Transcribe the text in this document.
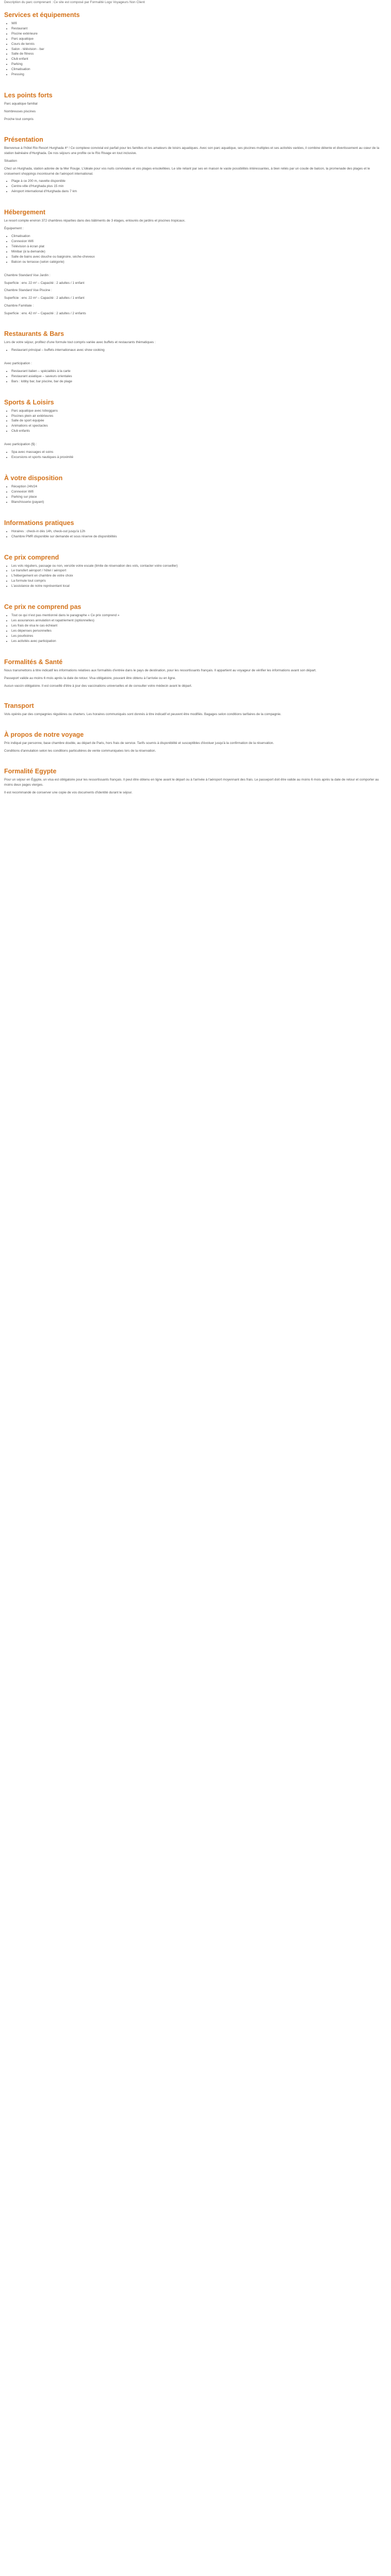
Description du parc comprenant : Ce site est composé par Formalité Logo Voyageurs Non Client

Services et équipements
• Wifi
• Restaurant
• Piscine extérieure
• Parc aquatique
• Cours de tennis
• Salon - télévision - bar
• Salle de fitness
• Club enfant
• Parking
• Climatisation
• Pressing
Les points forts

Parc aquatique familial

Nombreuses piscines

Proche tout compris

Présentation

Bienvenue à l'hôtel Rio Resort Hurghada 4* ! Ce complexe convivial est parfait pour les familles et les amateurs de loisirs aquatiques. Avec son parc aquatique, ses piscines multiples et ses activités variées, il combine détente et divertissement au cœur de la station balnéaire d'Hurghada. De nos séjours une profite ce le Rio Rivage en tout inclusive.

Situation

Chez un Hurghada, station adorée de la Mer Rouge. L'idéale pour vos nuits conviviales et vos plages ensoleillées. Le site reliant par ses en maison le vaste possibilités intéressantes, à bien reliés par un coude de balcon, la promenade des plages et le croisement shoppings incontourné de l'aéroport international.

• Plage à ce 200 m, navette disponible
• Centre-ville d'Hurghada plus 15 min
• Aéroport international d'Hurghada dans 7 km
Hébergement

Le resort compte environ 372 chambres réparties dans des bâtiments de 3 étages, entourés de jardins et piscines tropicaux.

Équipement :

• Climatisation
• Connexion Wifi
• Télévision à écran plat
• Minibar (à la demande)
• Salle de bains avec douche ou baignoire, sèche-cheveux
• Balcon ou terrasse (selon catégorie)

Chambre Standard Vue Jardin :

Superficie : env. 22 m² – Capacité : 2 adultes / 1 enfant

Chambre Standard Vue Piscine :

Superficie : env. 22 m² – Capacité : 2 adultes / 1 enfant

Chambre Familiale :

Superficie : env. 42 m² – Capacité : 2 adultes / 2 enfants

Restaurants & Bars

Lors de votre séjour, profitez d'une formule tout compris variée avec buffets et restaurants thématiques :

• Restaurant principal – buffets internationaux avec show cooking

Avec participation :

• Restaurant italien – spécialités à la carte
• Restaurant asiatique – saveurs orientales
• Bars : lobby bar, bar piscine, bar de plage
Sports & Loisirs
• Parc aquatique avec toboggans
• Piscines plein air extérieures
• Salle de sport équipée
• Animations et spectacles
• Club enfants

Avec participation ($) :

• Spa avec massages et soins
• Excursions et sports nautiques à proximité
À votre disposition
• Réception 24h/24
• Connexion Wifi
• Parking sur place
• Blanchisserie (payant)
Informations pratiques
• Horaires : check-in dès 14h, check-out jusqu'à 12h
• Chambre PMR disponible sur demande et sous réserve de disponibilités
Ce prix comprend
• Les vols réguliers, passage ou non, vers/de votre escale (limite de réservation des vols, contacter votre conseiller)
• Le transfert aéroport / hôtel / aéroport
• L'hébergement en chambre de votre choix
• La formule tout compris
• L'assistance de notre représentant local
Ce prix ne comprend pas
• Tout ce qui n'est pas mentionné dans le paragraphe « Ce prix comprend »
• Les assurances annulation et rapatriement (optionnelles)
• Les frais de visa le cas échéant
• Les dépenses personnelles
• Les pourboires
• Les activités avec participation
Formalités & Santé

Nous transmettons à titre indicatif les informations relatives aux formalités d'entrée dans le pays de destination, pour les ressortissants français. Il appartient au voyageur de vérifier les informations avant son départ.

Passeport valide au moins 6 mois après la date de retour. Visa obligatoire, pouvant être obtenu à l'arrivée ou en ligne.

Aucun vaccin obligatoire. Il est conseillé d'être à jour des vaccinations universelles et de consulter votre médecin avant le départ.

Transport

Vols opérés par des compagnies régulières ou charters. Les horaires communiqués sont donnés à titre indicatif et peuvent être modifiés. Bagages selon conditions tarifaires de la compagnie.

À propos de notre voyage

Prix indiqué par personne, base chambre double, au départ de Paris, hors frais de service. Tarifs soumis à disponibilité et susceptibles d'évoluer jusqu'à la confirmation de la réservation.

Conditions d'annulation selon les conditions particulières de vente communiquées lors de la réservation.

Formalité Egypte

Pour un séjour en Égypte, un visa est obligatoire pour les ressortissants français. Il peut être obtenu en ligne avant le départ ou à l'arrivée à l'aéroport moyennant des frais. Le passeport doit être valide au moins 6 mois après la date de retour et comporter au moins deux pages vierges.

Il est recommandé de conserver une copie de vos documents d'identité durant le séjour.
